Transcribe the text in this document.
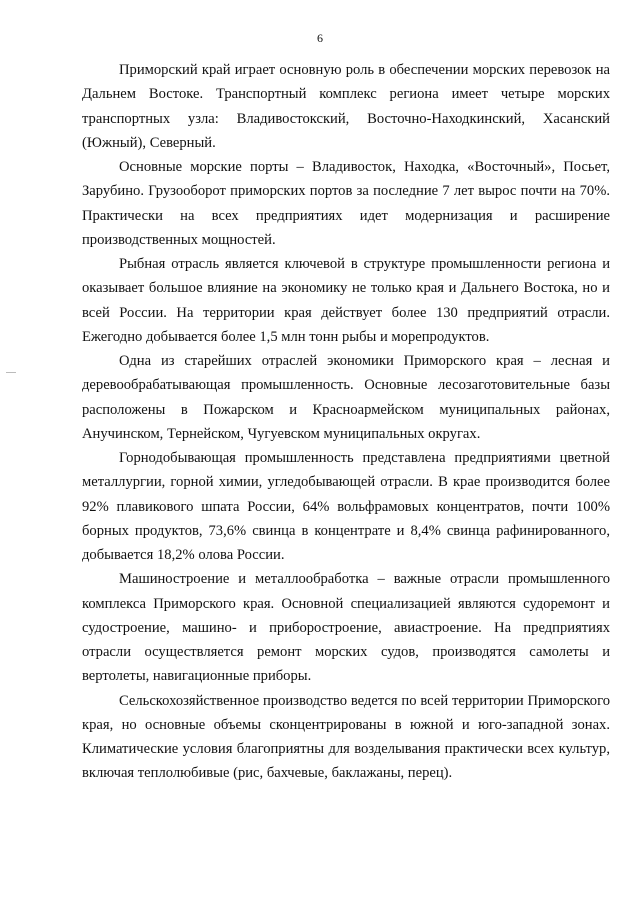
6

Приморский край играет основную роль в обеспечении морских перевозок на Дальнем Востоке. Транспортный комплекс региона имеет четыре морских транспортных узла: Владивостокский, Восточно-Находкинский, Хасанский (Южный), Северный.

Основные морские порты – Владивосток, Находка, «Восточный», Посьет, Зарубино. Грузооборот приморских портов за последние 7 лет вырос почти на 70%. Практически на всех предприятиях идет модернизация и расширение производственных мощностей.

Рыбная отрасль является ключевой в структуре промышленности региона и оказывает большое влияние на экономику не только края и Дальнего Востока, но и всей России. На территории края действует более 130 предприятий отрасли. Ежегодно добывается более 1,5 млн тонн рыбы и морепродуктов.

Одна из старейших отраслей экономики Приморского края – лесная и деревообрабатывающая промышленность. Основные лесозаготовительные базы расположены в Пожарском и Красноармейском муниципальных районах, Анучинском, Тернейском, Чугуевском муниципальных округах.

Горнодобывающая промышленность представлена предприятиями цветной металлургии, горной химии, угледобывающей отрасли. В крае производится более 92% плавикового шпата России, 64% вольфрамовых концентратов, почти 100% борных продуктов, 73,6% свинца в концентрате и 8,4% свинца рафинированного, добывается 18,2% олова России.

Машиностроение и металлообработка – важные отрасли промышленного комплекса Приморского края. Основной специализацией являются судоремонт и судостроение, машино- и приборостроение, авиастроение. На предприятиях отрасли осуществляется ремонт морских судов, производятся самолеты и вертолеты, навигационные приборы.

Сельскохозяйственное производство ведется по всей территории Приморского края, но основные объемы сконцентрированы в южной и юго-западной зонах. Климатические условия благоприятны для возделывания практически всех культур, включая теплолюбивые (рис, бахчевые, баклажаны, перец).
